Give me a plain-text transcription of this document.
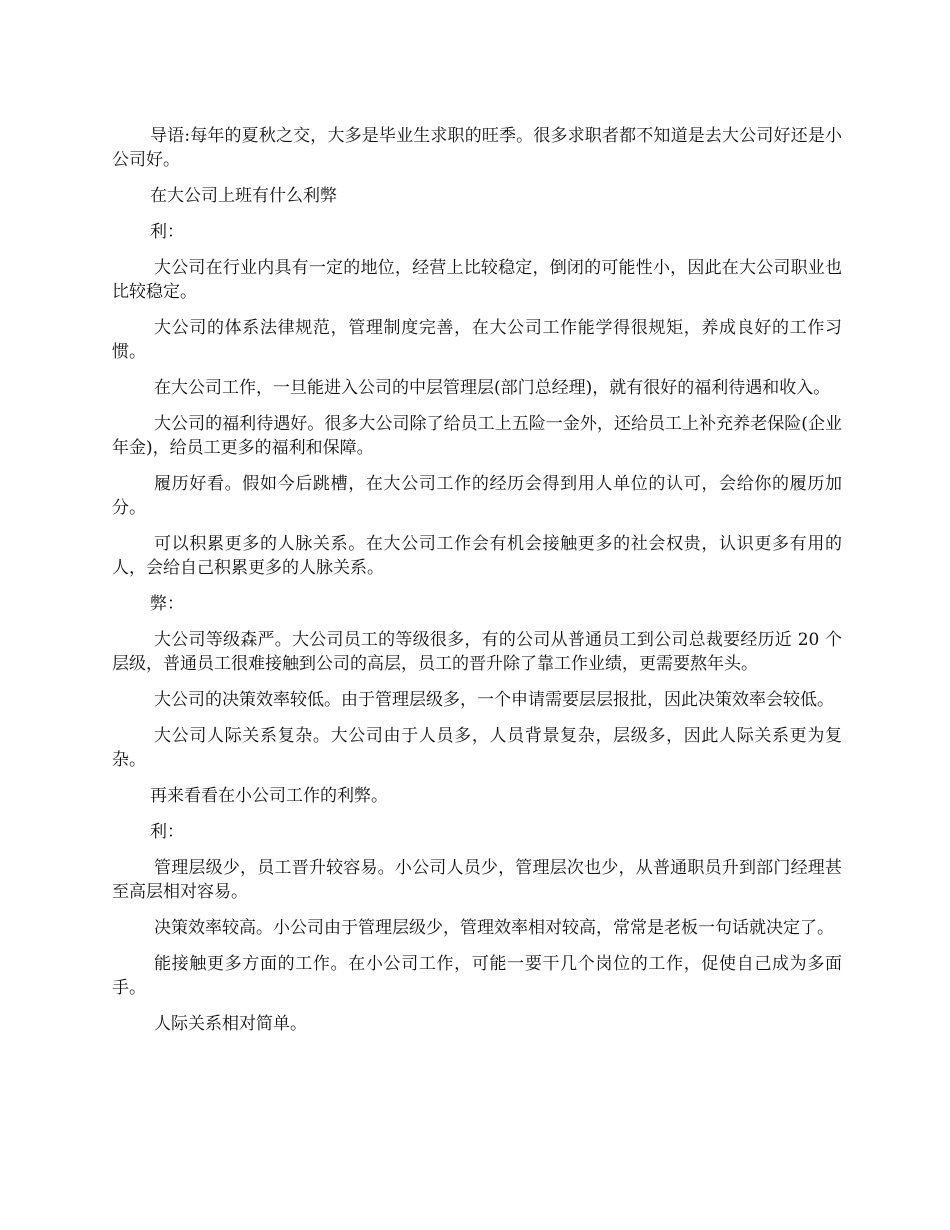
导语:每年的夏秋之交，大多是毕业生求职的旺季。很多求职者都不知道是去大公司好还是小公司好。

在大公司上班有什么利弊

利：

大公司在行业内具有一定的地位，经营上比较稳定，倒闭的可能性小，因此在大公司职业也比较稳定。

大公司的体系法律规范，管理制度完善，在大公司工作能学得很规矩，养成良好的工作习惯。

在大公司工作，一旦能进入公司的中层管理层(部门总经理)，就有很好的福利待遇和收入。

大公司的福利待遇好。很多大公司除了给员工上五险一金外，还给员工上补充养老保险(企业年金)，给员工更多的福利和保障。

履历好看。假如今后跳槽，在大公司工作的经历会得到用人单位的认可，会给你的履历加分。

可以积累更多的人脉关系。在大公司工作会有机会接触更多的社会权贵，认识更多有用的人，会给自己积累更多的人脉关系。

弊：

大公司等级森严。大公司员工的等级很多，有的公司从普通员工到公司总裁要经历近 20 个层级，普通员工很难接触到公司的高层，员工的晋升除了靠工作业绩，更需要熬年头。

大公司的决策效率较低。由于管理层级多，一个申请需要层层报批，因此决策效率会较低。

大公司人际关系复杂。大公司由于人员多，人员背景复杂，层级多，因此人际关系更为复杂。

再来看看在小公司工作的利弊。

利：

管理层级少，员工晋升较容易。小公司人员少，管理层次也少，从普通职员升到部门经理甚至高层相对容易。

决策效率较高。小公司由于管理层级少，管理效率相对较高，常常是老板一句话就决定了。

能接触更多方面的工作。在小公司工作，可能一要干几个岗位的工作，促使自己成为多面手。

人际关系相对简单。
